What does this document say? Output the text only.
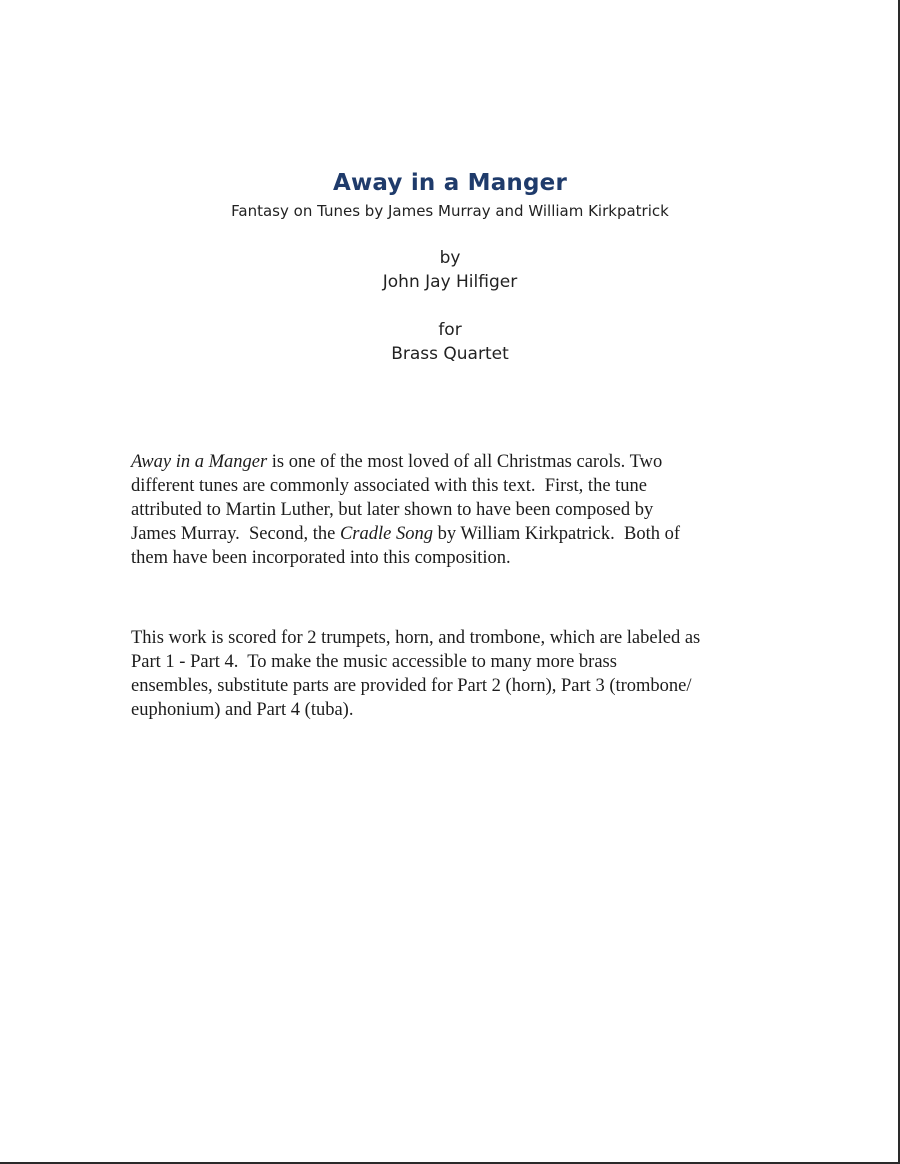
Away in a Manger
Fantasy on Tunes by James Murray and William Kirkpatrick
by
John Jay Hilfiger
for
Brass Quartet
Away in a Manger is one of the most loved of all Christmas carols. Two
different tunes are commonly associated with this text.  First, the tune
attributed to Martin Luther, but later shown to have been composed by
James Murray.  Second, the Cradle Song by William Kirkpatrick.  Both of
them have been incorporated into this composition.
This work is scored for 2 trumpets, horn, and trombone, which are labeled as
Part 1 - Part 4.  To make the music accessible to many more brass
ensembles, substitute parts are provided for Part 2 (horn), Part 3 (trombone/
euphonium) and Part 4 (tuba).
